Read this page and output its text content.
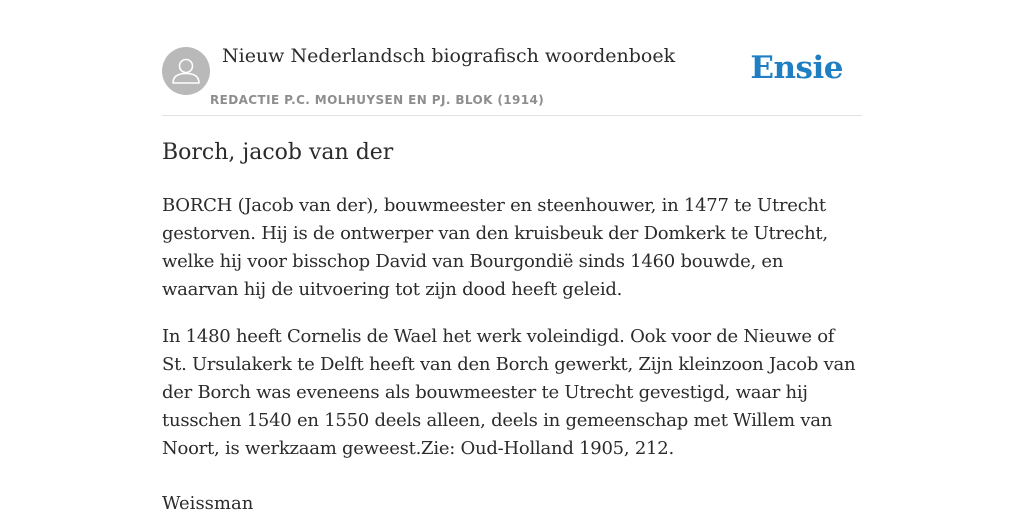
Nieuw Nederlandsch biografisch woordenboek
REDACTIE P.C. MOLHUYSEN EN PJ. BLOK (1914)
Ensie
Borch, jacob van der

BORCH (Jacob van der), bouwmeester en steenhouwer, in 1477 te Utrecht gestorven. Hij is de ontwerper van den kruisbeuk der Domkerk te Utrecht, welke hij voor bisschop David van Bourgondië sinds 1460 bouwde, en waarvan hij de uitvoering tot zijn dood heeft geleid.

In 1480 heeft Cornelis de Wael het werk voleindigd. Ook voor de Nieuwe of St. Ursulakerk te Delft heeft van den Borch gewerkt, Zijn kleinzoon Jacob van der Borch was eveneens als bouwmeester te Utrecht gevestigd, waar hij tusschen 1540 en 1550 deels alleen, deels in gemeenschap met Willem van Noort, is werkzaam geweest.Zie: Oud-Holland 1905, 212.

Weissman
